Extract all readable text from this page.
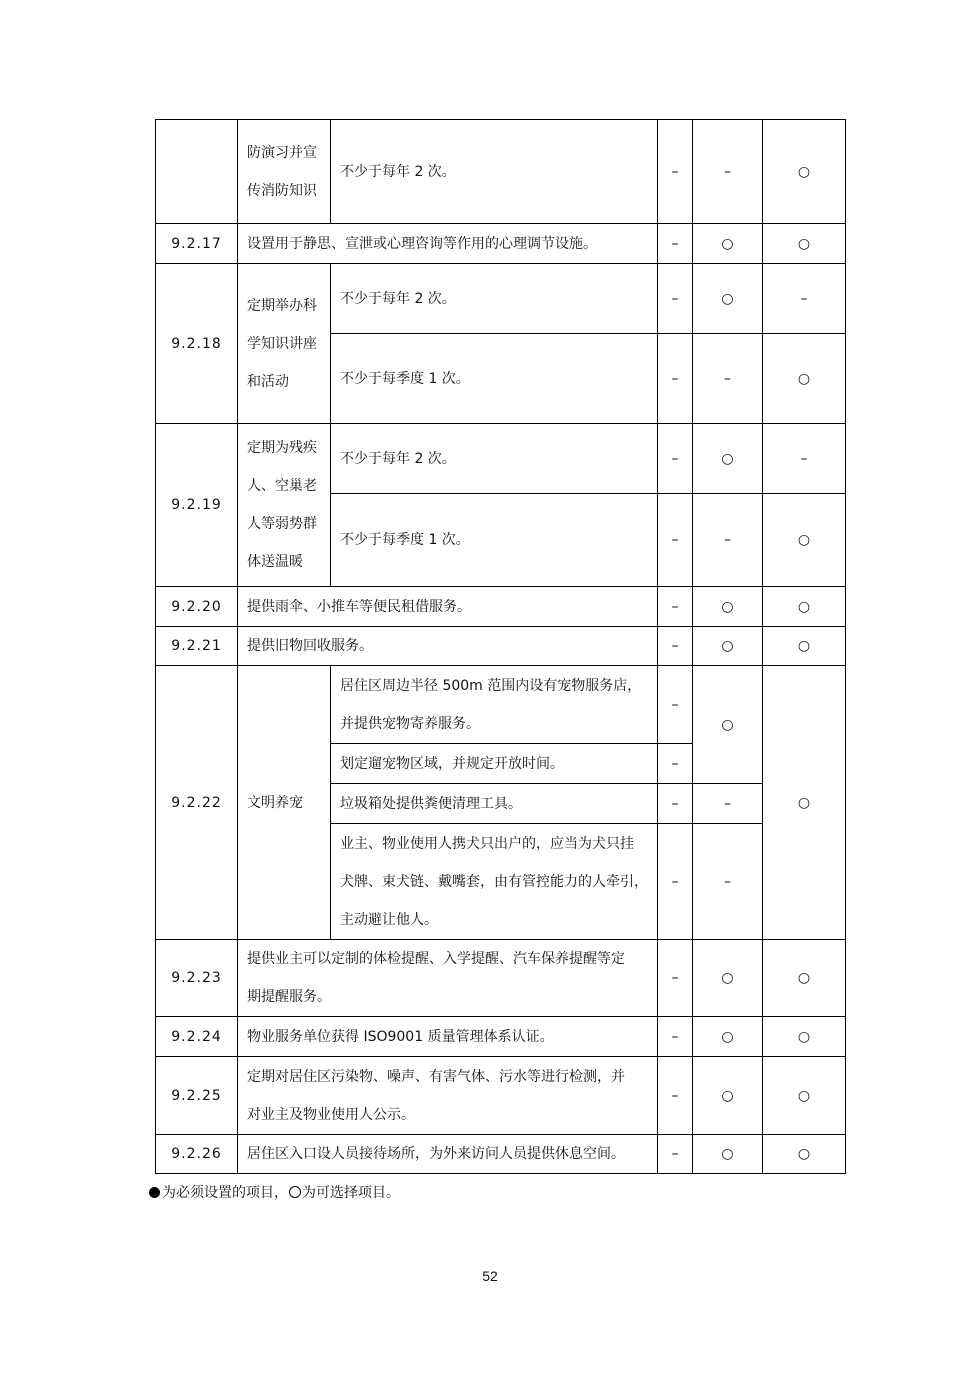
	防演习并宣
传消防知识	不少于每年 2 次。	–	–	○
9.2.17	设置用于静思、宣泄或心理咨询等作用的心理调节设施。		–	○	○
9.2.18	定期举办科
学知识讲座
和活动	不少于每年 2 次。	–	○	–
		不少于每季度 1 次。	–	–	○
9.2.19	定期为残疾
人、空巢老
人等弱势群
体送温暖	不少于每年 2 次。	–	○	–
		不少于每季度 1 次。	–	–	○
9.2.20	提供雨伞、小推车等便民租借服务。		–	○	○
9.2.21	提供旧物回收服务。		–	○	○
9.2.22	文明养宠	居住区周边半径 500m 范围内设有宠物服务店，
并提供宠物寄养服务。	–	○	○
		划定遛宠物区域，并规定开放时间。	–		
		垃圾箱处提供粪便清理工具。	–	–	

		业主、物业使用人携犬只出户的，应当为犬只挂
犬牌、束犬链、戴嘴套，由有管控能力的人牵引，
主动避让他人。	–	–	
9.2.23	提供业主可以定制的体检提醒、入学提醒、汽车保养提醒等定
期提醒服务。		–	○	○
9.2.24	物业服务单位获得 ISO9001 质量管理体系认证。		–	○	○
9.2.25	定期对居住区污染物、噪声、有害气体、污水等进行检测，并
对业主及物业使用人公示。		–	○	○
9.2.26	居住区入口设人员接待场所，为外来访问人员提供休息空间。		–	○	○
为必须设置的项目， 为可选择项目。
52
